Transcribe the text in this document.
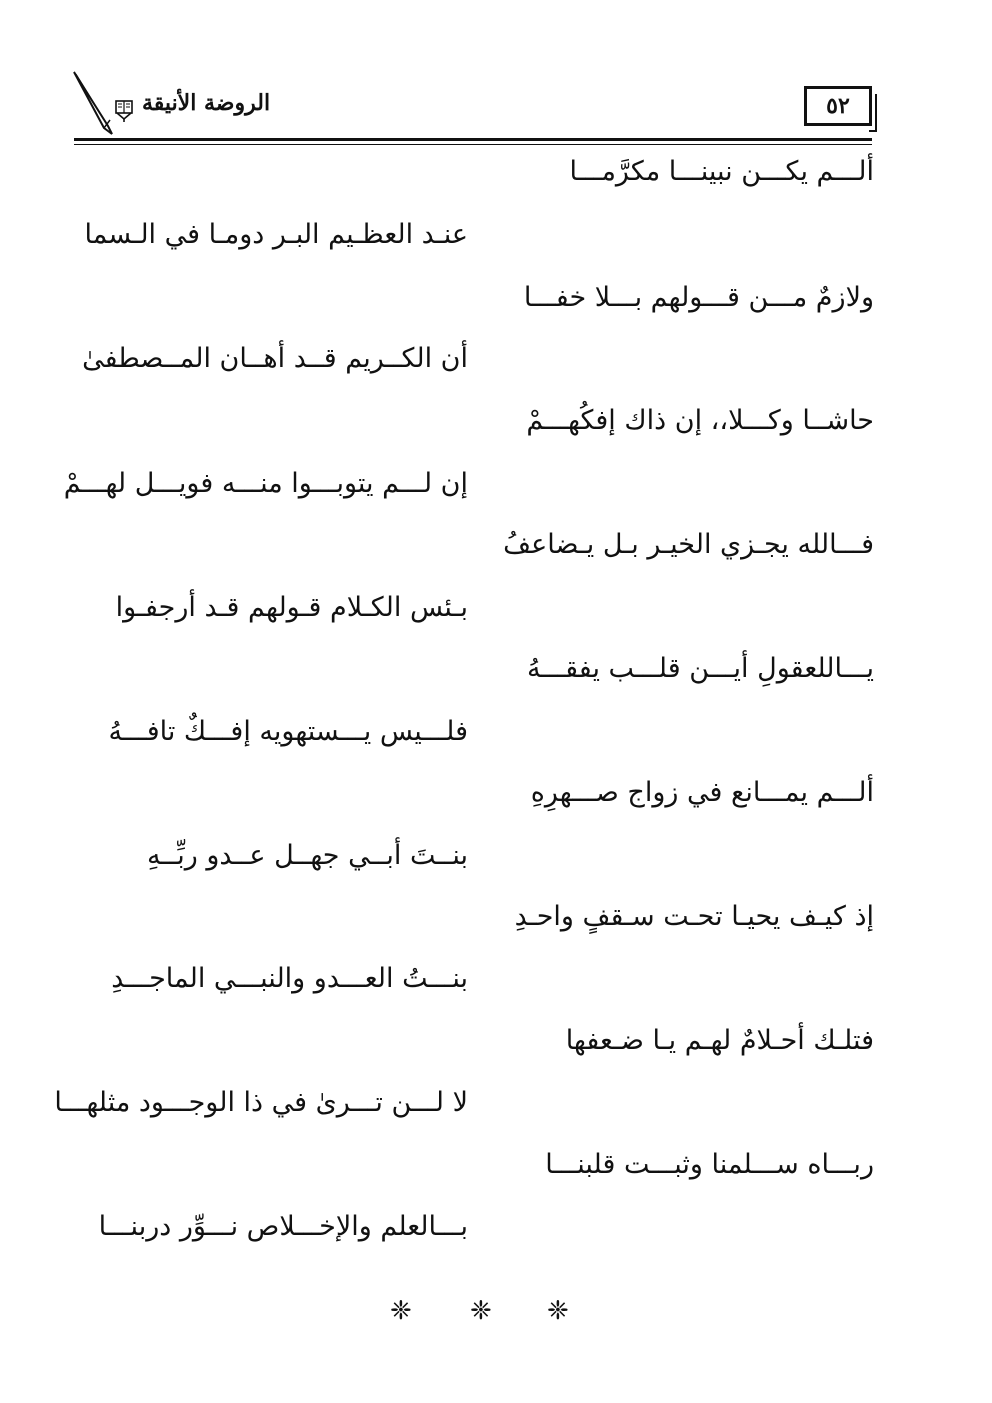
٥٢
الروضة الأنيقة
ألـــم يكـــن نبينـــا مكرَّمـــا
عنـد العظـيم البـر دومـا في الـسما
ولازمٌ مـــن قـــولهم بـــلا خفـــا
أن الكــريم قــد أهــان المــصطفىٰ
حاشــا وكـــلا،، إن ذاك إفكُهـــمْ
إن لـــم يتوبـــوا منـــه فويـــل لهـــمْ
فـــالله يجـزي الخيـر بـل يـضاعفُ
بـئس الكـلام قـولهم قـد أرجفـوا
يـــاللعقولِ أيـــن قلـــب يفقـــهُ
فلـــيس يـــستهويه إفـــكٌ تافـــهُ
ألـــم يمـــانع في زواج صـــهرِهِ
بنــتَ أبــي جهــل عــدو ربِّــهِ
إذ كيـف يحيـا تحـت سـقفٍ واحـدِ
بنـــتُ العـــدو والنبـــي الماجـــدِ
فتلـك أحـلامٌ لهـم يـا ضـعفها
لا لـــن تـــرىٰ في ذا الوجـــود مثلهـــا
ربـــاه ســـلمنا وثبـــت قلبنـــا
بـــالعلم والإخـــلاص نـــوِّر دربنـــا
❈ ❈ ❈
